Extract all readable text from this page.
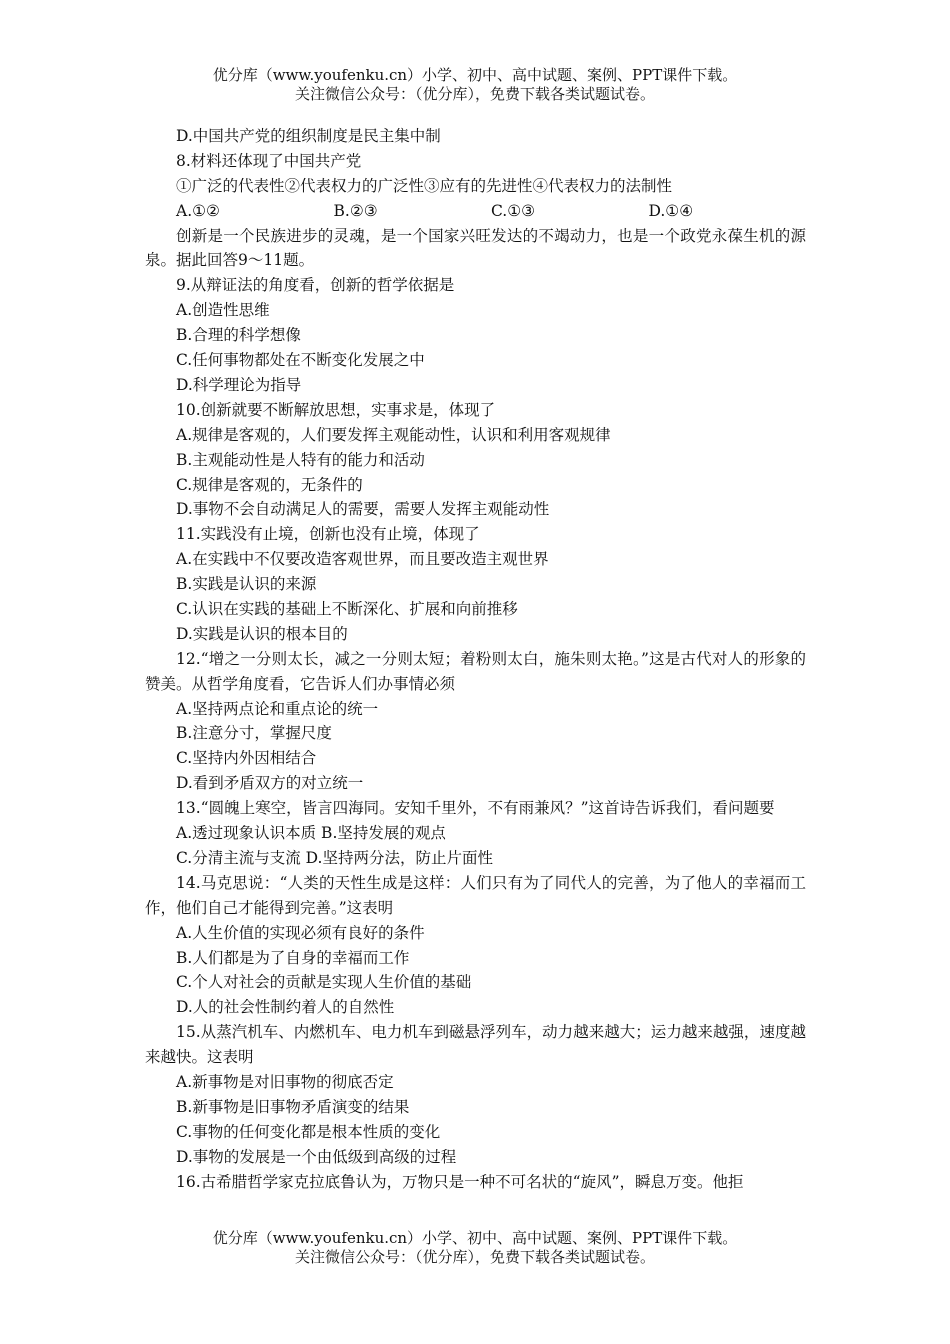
优分库（www.youfenku.cn）小学、初中、高中试题、案例、PPT课件下载。
关注微信公众号：（优分库），免费下载各类试题试卷。
D.中国共产党的组织制度是民主集中制
8.材料还体现了中国共产党
①广泛的代表性②代表权力的广泛性③应有的先进性④代表权力的法制性
A.①②	B.②③	C.①③	D.①④
创新是一个民族进步的灵魂，是一个国家兴旺发达的不竭动力，也是一个政党永葆生机的源泉。据此回答9～11题。
9.从辩证法的角度看，创新的哲学依据是
A.创造性思维
B.合理的科学想像
C.任何事物都处在不断变化发展之中
D.科学理论为指导
10.创新就要不断解放思想，实事求是，体现了
A.规律是客观的，人们要发挥主观能动性，认识和利用客观规律
B.主观能动性是人特有的能力和活动
C.规律是客观的，无条件的
D.事物不会自动满足人的需要，需要人发挥主观能动性
11.实践没有止境，创新也没有止境，体现了
A.在实践中不仅要改造客观世界，而且要改造主观世界
B.实践是认识的来源
C.认识在实践的基础上不断深化、扩展和向前推移
D.实践是认识的根本目的
12.“增之一分则太长，减之一分则太短；着粉则太白，施朱则太艳。”这是古代对人的形象的赞美。从哲学角度看，它告诉人们办事情必须
A.坚持两点论和重点论的统一
B.注意分寸，掌握尺度
C.坚持内外因相结合
D.看到矛盾双方的对立统一
13.“圆魄上寒空，皆言四海同。安知千里外，不有雨兼风？”这首诗告诉我们，看问题要
A.透过现象认识本质 B.坚持发展的观点
C.分清主流与支流 D.坚持两分法，防止片面性
14.马克思说：“人类的天性生成是这样：人们只有为了同代人的完善，为了他人的幸福而工作，他们自己才能得到完善。”这表明
A.人生价值的实现必须有良好的条件
B.人们都是为了自身的幸福而工作
C.个人对社会的贡献是实现人生价值的基础
D.人的社会性制约着人的自然性
15.从蒸汽机车、内燃机车、电力机车到磁悬浮列车，动力越来越大；运力越来越强，速度越来越快。这表明
A.新事物是对旧事物的彻底否定
B.新事物是旧事物矛盾演变的结果
C.事物的任何变化都是根本性质的变化
D.事物的发展是一个由低级到高级的过程
16.古希腊哲学家克拉底鲁认为，万物只是一种不可名状的“旋风”，瞬息万变。他拒
优分库（www.youfenku.cn）小学、初中、高中试题、案例、PPT课件下载。
关注微信公众号：（优分库），免费下载各类试题试卷。
